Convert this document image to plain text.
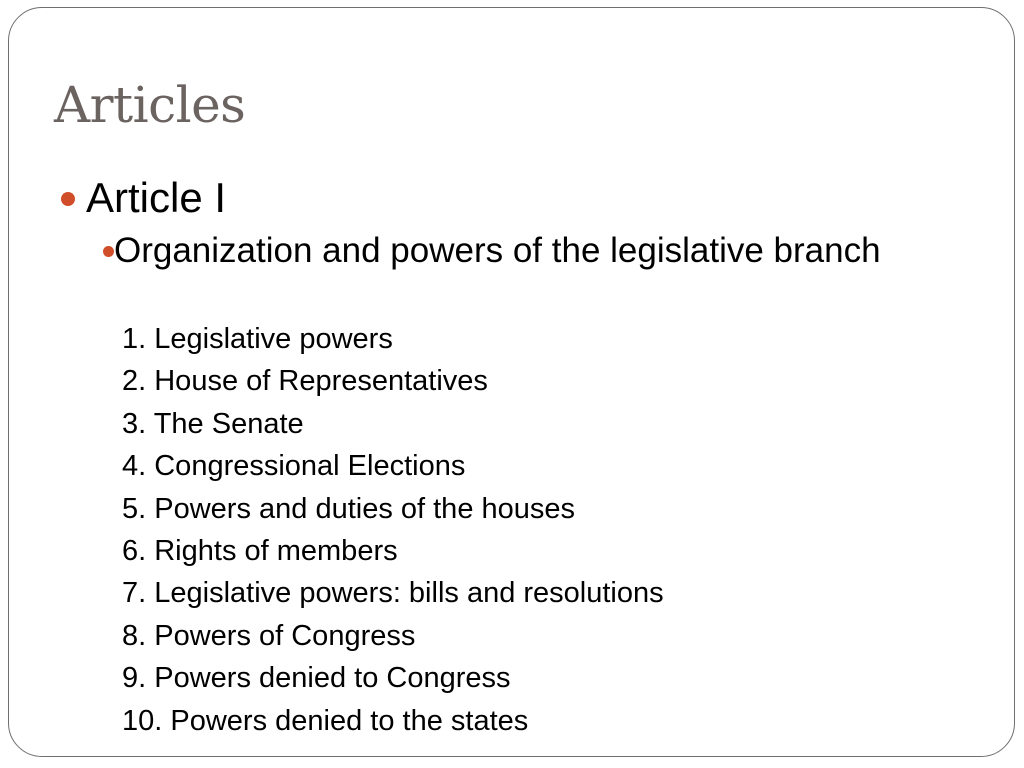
Articles
Article I
Organization and powers of the legislative branch
1. Legislative powers
2. House of Representatives
3. The Senate
4. Congressional Elections
5. Powers and duties of the houses
6. Rights of members
7. Legislative powers: bills and resolutions
8. Powers of Congress
9. Powers denied to Congress
10. Powers denied to the states
